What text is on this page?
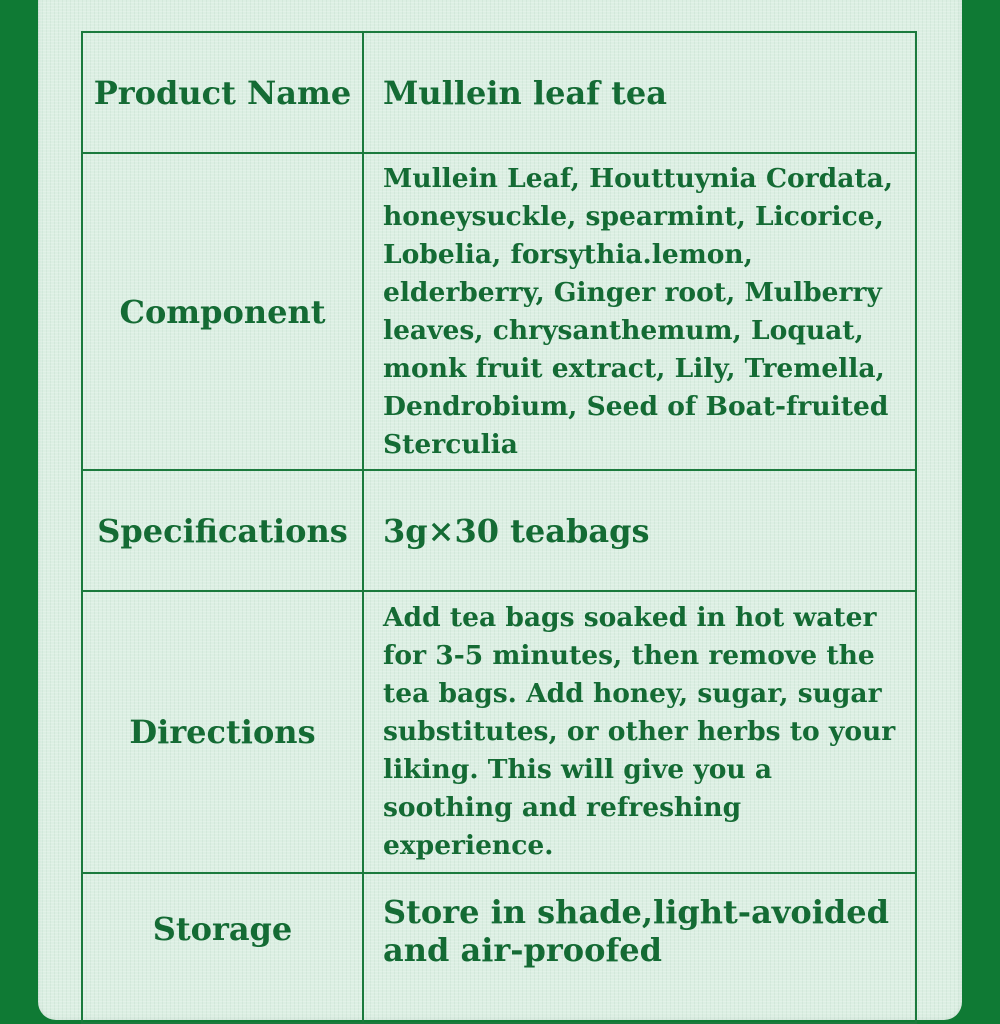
Product Name	Mullein leaf tea
Component	Mullein Leaf, Houttuynia Cordata, honeysuckle, spearmint, Licorice, Lobelia, forsythia.lemon, elderberry, Ginger root, Mulberry leaves, chrysanthemum, Loquat, monk fruit extract, Lily, Tremella, Dendrobium, Seed of Boat-fruited Sterculia
Specifications	3g×30 teabags
Directions	Add tea bags soaked in hot water for 3-5 minutes, then remove the tea bags. Add honey, sugar, sugar substitutes, or other herbs to your liking. This will give you a soothing and refreshing experience.
Storage	Store in shade,light-avoided and air-proofed
